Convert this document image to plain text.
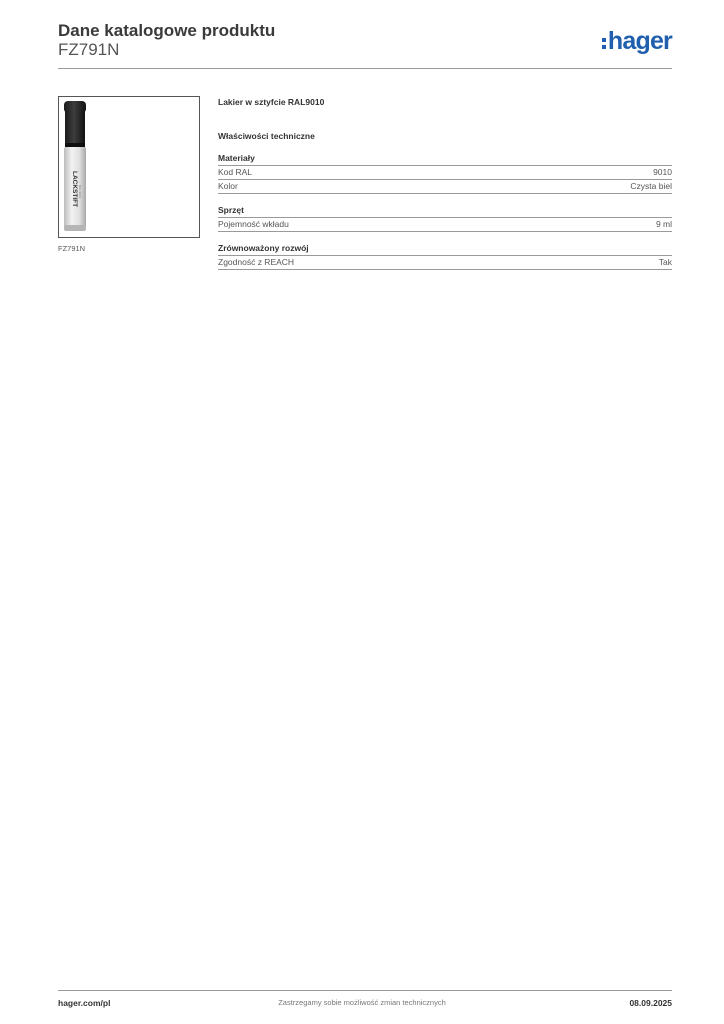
Dane katalogowe produktu
FZ791N	hager
LACKSTIFT RAL 9010
FZ791N
Lakier w sztyfcie RAL9010
Właściwości techniczne
Materiały
Kod RAL	9010
Kolor	Czysta biel
Sprzęt
Pojemność wkładu	9 ml
Zrównoważony rozwój
Zgodność z REACH	Tak
hager.com/pl	Zastrzegamy sobie możliwość zmian technicznych	08.09.2025
